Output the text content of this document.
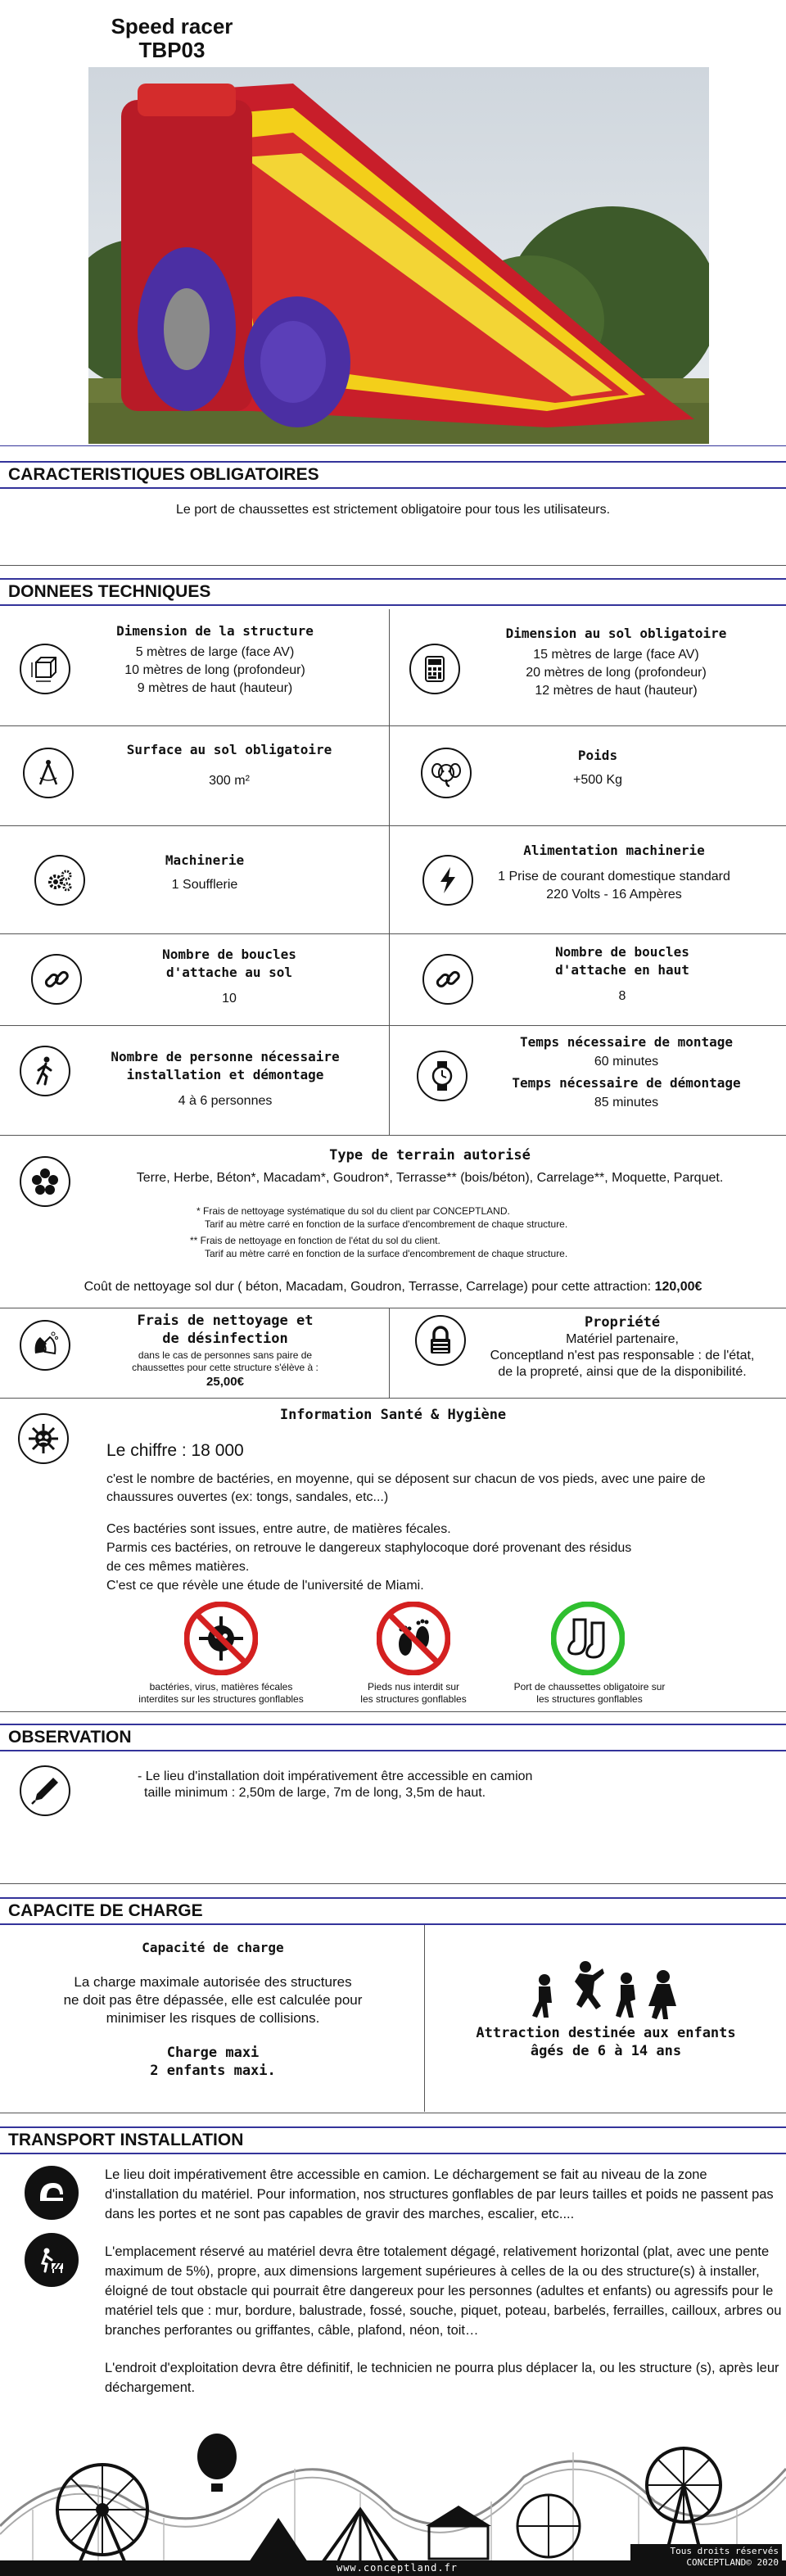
Speed racer
TBP03
CARACTERISTIQUES OBLIGATOIRES
Le port de chaussettes est strictement obligatoire pour tous les utilisateurs.
DONNEES TECHNIQUES
Dimension de la structure
5 mètres de large (face AV)
10 mètres de long (profondeur)
9 mètres de haut (hauteur)
Dimension au sol obligatoire
15 mètres de large (face AV)
20 mètres de long (profondeur)
12 mètres de haut (hauteur)
Surface au sol obligatoire
300 m²
Poids
+500 Kg
Machinerie
1 Soufflerie
Alimentation machinerie
1 Prise de courant domestique standard
220 Volts - 16 Ampères
Nombre de boucles
d'attache au sol
10
Nombre de boucles
d'attache en haut
8
Nombre de personne nécessaire
installation et démontage
4 à 6 personnes
Temps nécessaire de montage
60 minutes
Temps nécessaire de démontage
85 minutes
Type de terrain autorisé
Terre, Herbe, Béton*, Macadam*, Goudron*, Terrasse** (bois/béton), Carrelage**, Moquette, Parquet.
* Frais de nettoyage systématique du sol du client par CONCEPTLAND.
Tarif au mètre carré en fonction de la surface d'encombrement de chaque structure.
** Frais de nettoyage en fonction de l'état du sol du client.
Tarif au mètre carré en fonction de la surface d'encombrement de chaque structure.
Coût de nettoyage sol dur ( béton, Macadam, Goudron, Terrasse, Carrelage) pour cette attraction: 120,00€
Frais de nettoyage et
de désinfection
dans le cas de personnes sans paire de
chaussettes pour cette structure s'élève à :
25,00€
Propriété
Matériel partenaire,
Conceptland n'est pas responsable : de l'état,
de la propreté, ainsi que de la disponibilité.
Information Santé & Hygiène
Le chiffre : 18 000
c'est le nombre de bactéries, en moyenne, qui se déposent sur chacun de vos pieds, avec une paire de chaussures ouvertes (ex: tongs, sandales, etc...)
Ces bactéries sont issues, entre autre, de matières fécales.
Parmis ces bactéries, on retrouve le dangereux staphylocoque doré provenant des résidus
de ces mêmes matières.
C'est ce que révèle une étude de l'université de Miami.
bactéries, virus, matières fécales
interdites sur les structures gonflables
Pieds nus interdit sur
les structures gonflables
Port de chaussettes obligatoire sur
les structures gonflables
OBSERVATION
- Le lieu d'installation doit impérativement être accessible en camion
taille minimum : 2,50m de large, 7m de long, 3,5m de haut.
CAPACITE DE CHARGE
Capacité de charge
La charge maximale autorisée des structures
ne doit pas être dépassée, elle est calculée pour
minimiser les risques de collisions.
Charge maxi
2 enfants maxi.
Attraction destinée aux enfants
âgés de 6 à 14 ans
TRANSPORT INSTALLATION
Le lieu doit impérativement être accessible en camion. Le déchargement se fait au niveau de la zone d'installation du matériel. Pour information, nos structures gonflables de par leurs tailles et poids ne passent pas dans les portes et ne sont pas capables de gravir des marches, escalier, etc....
L'emplacement réservé au matériel devra être totalement dégagé, relativement horizontal (plat, avec une pente maximum de 5%), propre, aux dimensions largement supérieures à celles de la ou des structure(s) à installer, éloigné de tout obstacle qui pourrait être dangereux pour les personnes (adultes et enfants) ou agressifs pour le matériel tels que : mur, bordure, balustrade, fossé, souche, piquet, poteau, barbelés, ferrailles, cailloux, arbres ou branches perforantes ou griffantes, câble, plafond, néon, toit…
L'endroit d'exploitation devra être définitif, le technicien ne pourra plus déplacer la, ou les structure (s), après leur déchargement.
www.conceptland.fr
Tous droits réservés
CONCEPTLAND© 2020
